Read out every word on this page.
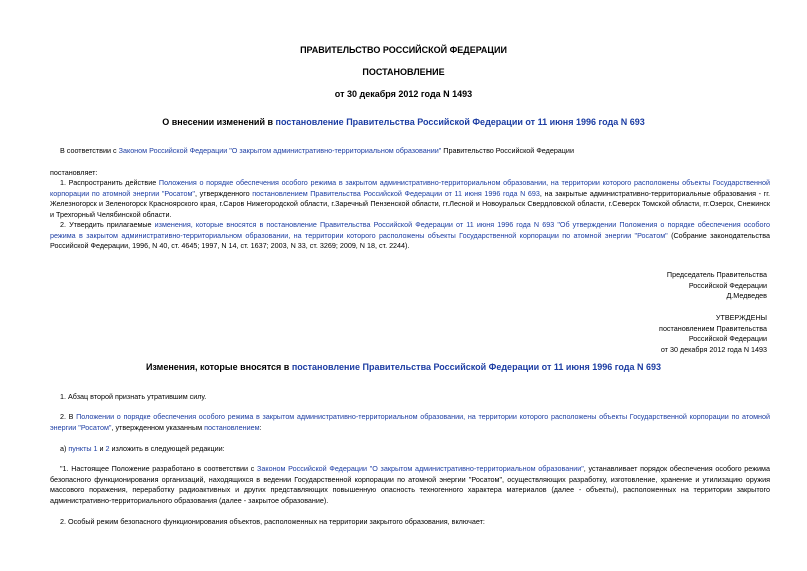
ПРАВИТЕЛЬСТВО РОССИЙСКОЙ ФЕДЕРАЦИИ
ПОСТАНОВЛЕНИЕ
от 30 декабря 2012 года N 1493
О внесении изменений в постановление Правительства Российской Федерации от 11 июня 1996 года N 693
В соответствии с Законом Российской Федерации "О закрытом административно-территориальном образовании" Правительство Российской Федерации
постановляет:
1. Распространить действие Положения о порядке обеспечения особого режима в закрытом административно-территориальном образовании, на территории которого расположены объекты Государственной корпорации по атомной энергии "Росатом", утвержденного постановлением Правительства Российской Федерации от 11 июня 1996 года N 693, на закрытые административно-территориальные образования - гг. Железногорск и Зеленогорск Красноярского края, г.Саров Нижегородской области, г.Заречный Пензенской области, гг.Лесной и Новоуральск Свердловской области, г.Северск Томской области, гг.Озерск, Снежинск и Трехгорный Челябинской области.
2. Утвердить прилагаемые изменения, которые вносятся в постановление Правительства Российской Федерации от 11 июня 1996 года N 693 "Об утверждении Положения о порядке обеспечения особого режима в закрытом административно-территориальном образовании, на территории которого расположены объекты Государственной корпорации по атомной энергии "Росатом" (Собрание законодательства Российской Федерации, 1996, N 40, ст. 4645; 1997, N 14, ст. 1637; 2003, N 33, ст. 3269; 2009, N 18, ст. 2244).
Председатель Правительства
Российской Федерации
Д.Медведев
УТВЕРЖДЕНЫ
постановлением Правительства
Российской Федерации
от 30 декабря 2012 года N 1493
Изменения, которые вносятся в постановление Правительства Российской Федерации от 11 июня 1996 года N 693
1. Абзац второй признать утратившим силу.
2. В Положении о порядке обеспечения особого режима в закрытом административно-территориальном образовании, на территории которого расположены объекты Государственной корпорации по атомной энергии "Росатом", утвержденном указанным постановлением:
а) пункты 1 и 2 изложить в следующей редакции:
"1. Настоящее Положение разработано в соответствии с Законом Российской Федерации "О закрытом административно-территориальном образовании", устанавливает порядок обеспечения особого режима безопасного функционирования организаций, находящихся в ведении Государственной корпорации по атомной энергии "Росатом", осуществляющих разработку, изготовление, хранение и утилизацию оружия массового поражения, переработку радиоактивных и других представляющих повышенную опасность техногенного характера материалов (далее - объекты), расположенных на территории закрытого административно-территориального образования (далее - закрытое образование).
2. Особый режим безопасного функционирования объектов, расположенных на территории закрытого образования, включает:
